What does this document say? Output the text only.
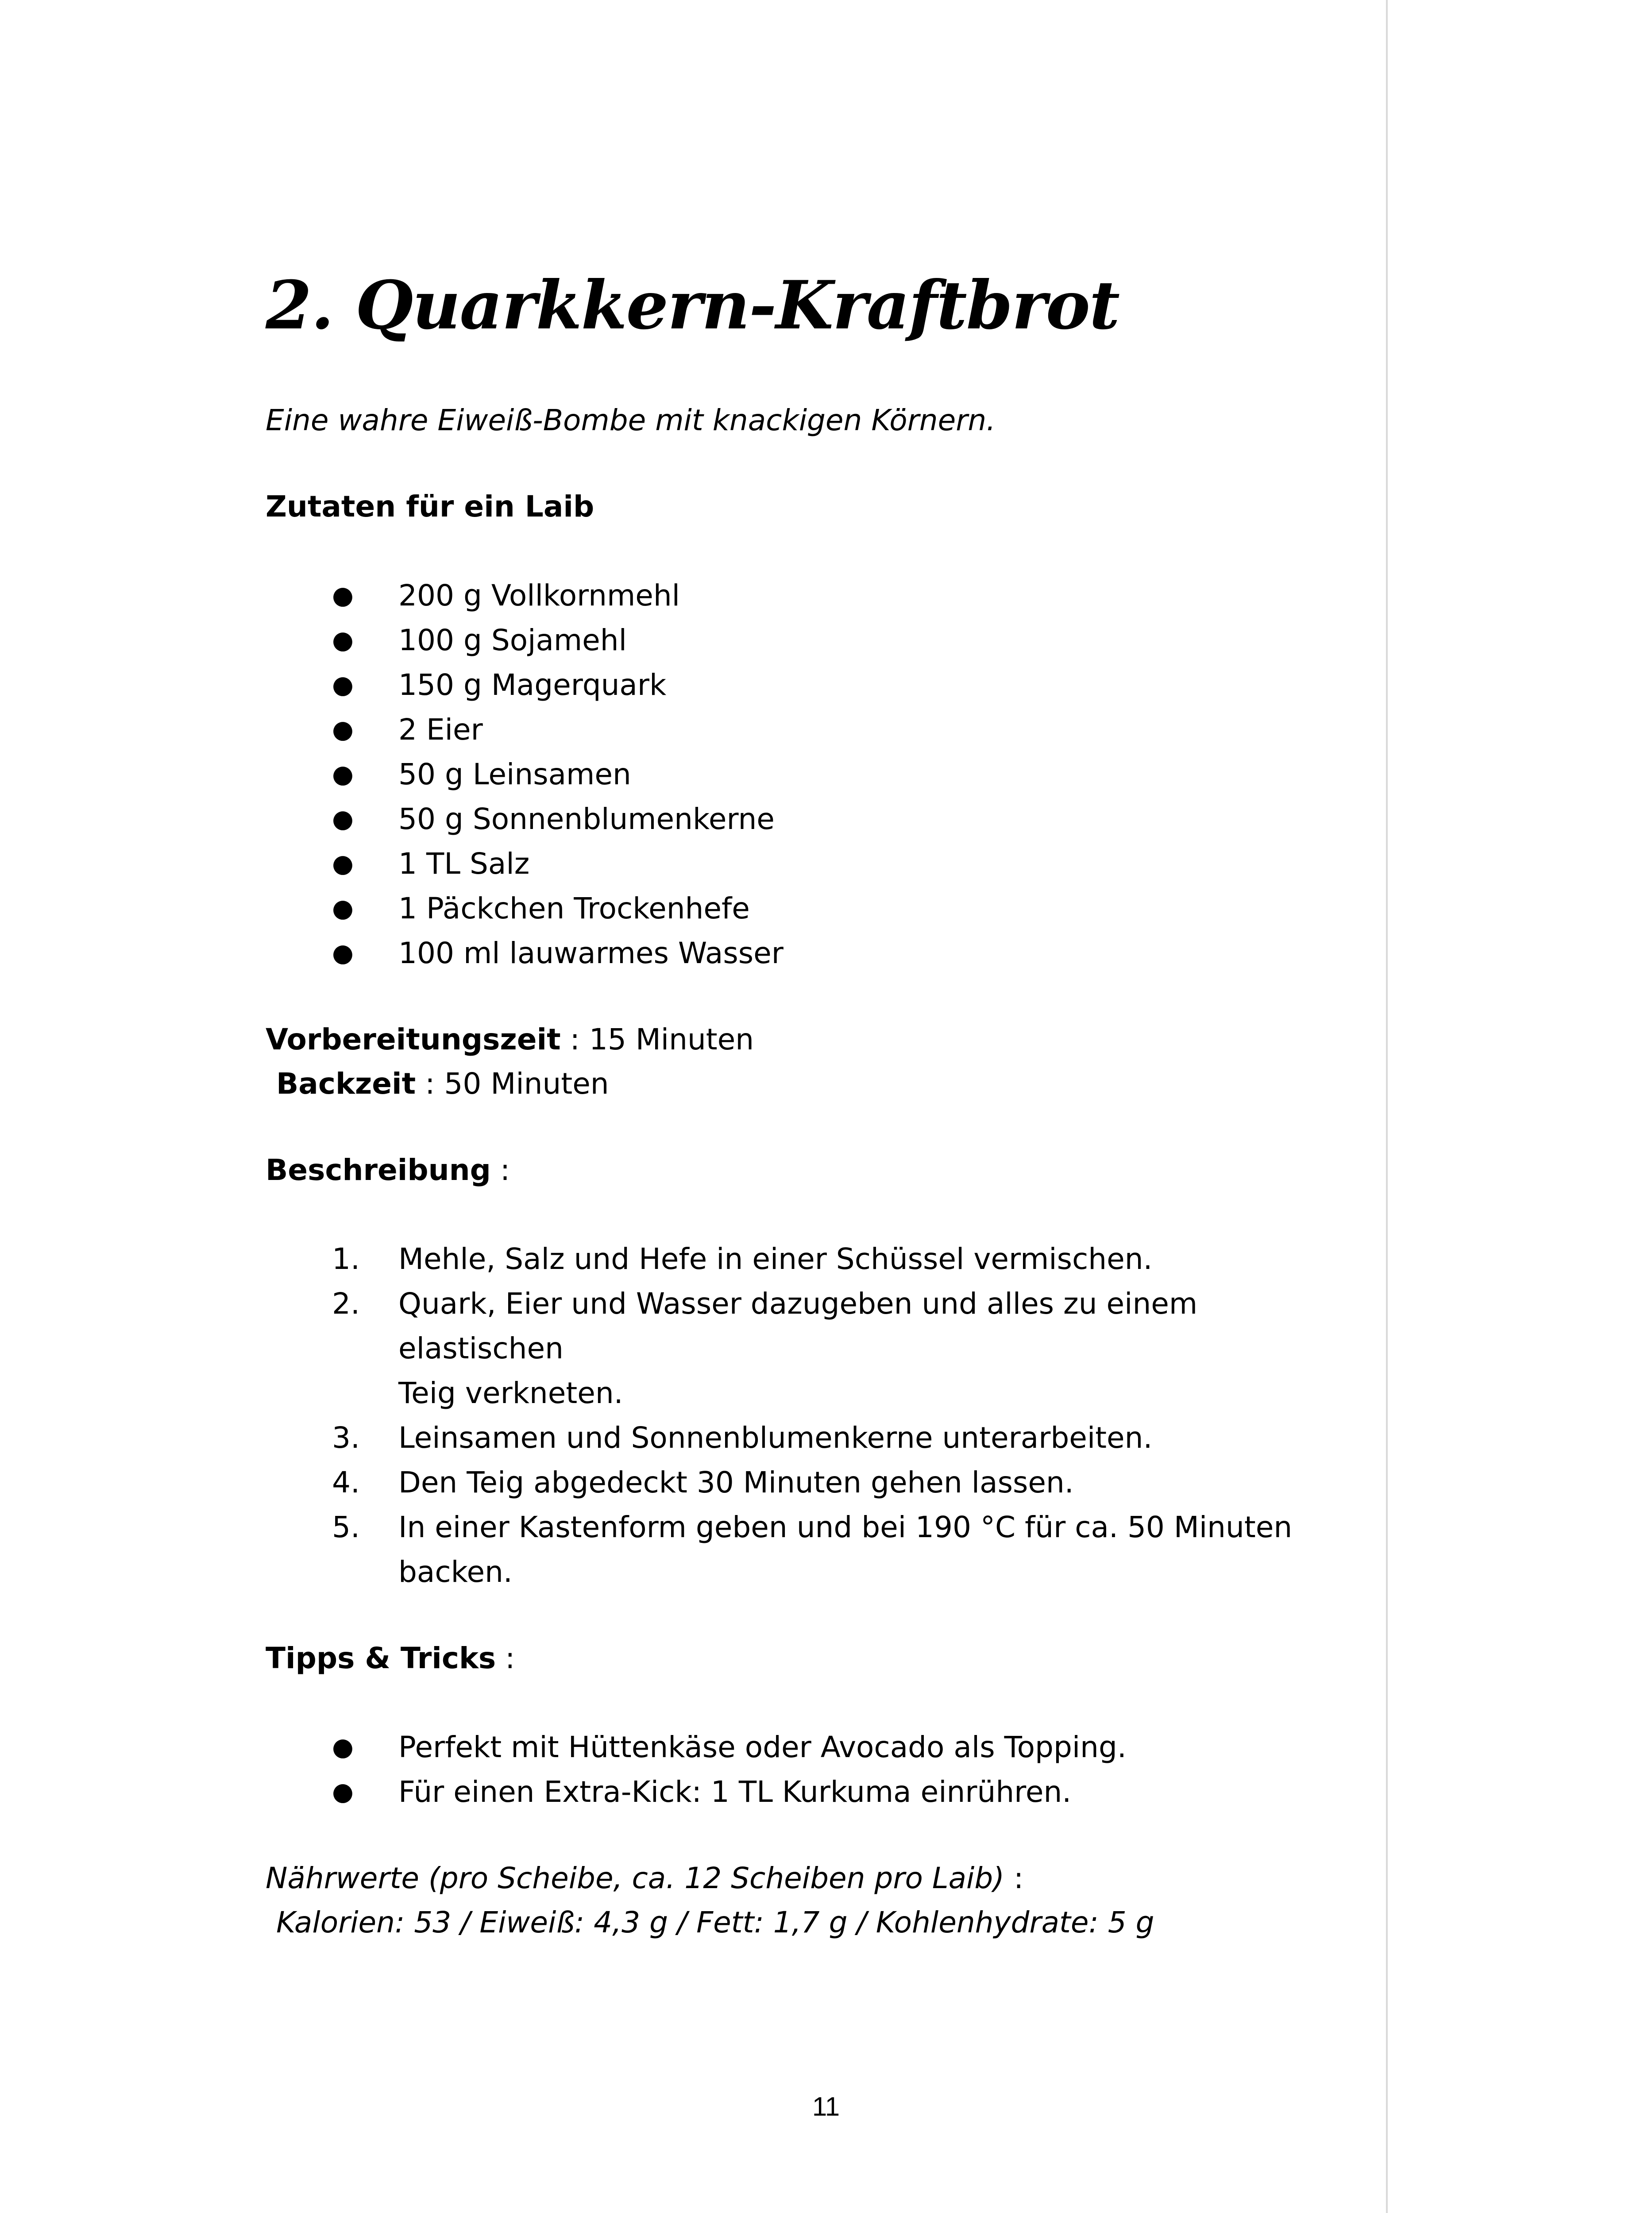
2. Quarkkern-Kraftbrot
Eine wahre Eiweiß-Bombe mit knackigen Körnern.
Zutaten für ein Laib
● 200 g Vollkornmehl
● 100 g Sojamehl
● 150 g Magerquark
● 2 Eier
● 50 g Leinsamen
● 50 g Sonnenblumenkerne
● 1 TL Salz
● 1 Päckchen Trockenhefe
● 100 ml lauwarmes Wasser
Vorbereitungszeit : 15 Minuten
Backzeit : 50 Minuten
Beschreibung :
1. Mehle, Salz und Hefe in einer Schüssel vermischen.
2. Quark, Eier und Wasser dazugeben und alles zu einem elastischen
Teig verkneten.
3. Leinsamen und Sonnenblumenkerne unterarbeiten.
4. Den Teig abgedeckt 30 Minuten gehen lassen.
5. In einer Kastenform geben und bei 190 °C für ca. 50 Minuten
backen.
Tipps & Tricks :
● Perfekt mit Hüttenkäse oder Avocado als Topping.
● Für einen Extra-Kick: 1 TL Kurkuma einrühren.
Nährwerte (pro Scheibe, ca. 12 Scheiben pro Laib) :
Kalorien: 53 / Eiweiß: 4,3 g / Fett: 1,7 g / Kohlenhydrate: 5 g
11
